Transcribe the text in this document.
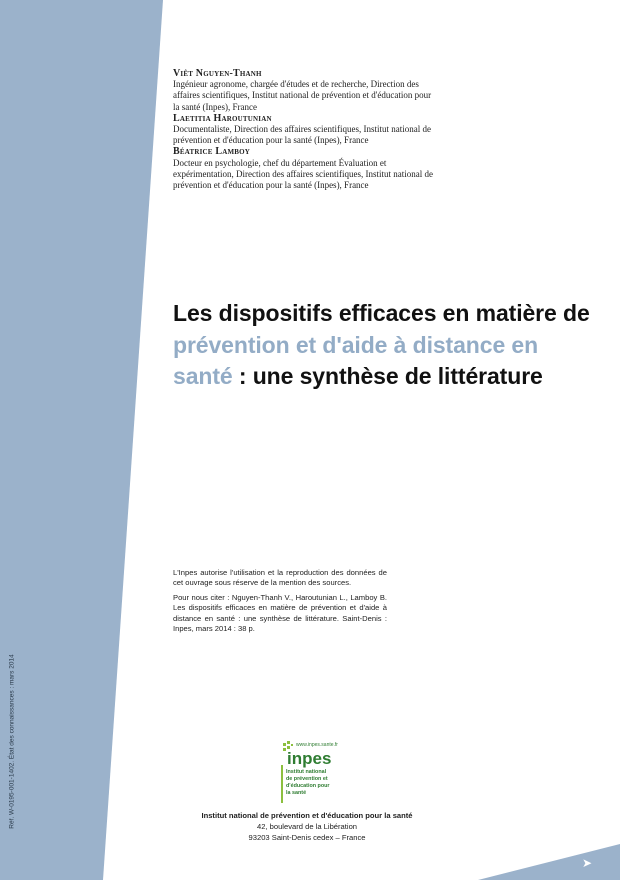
Réf. W-0195-001-1402. État des connaissances : mars 2014
Viêt Nguyen-Thanh
Ingénieur agronome, chargée d'études et de recherche, Direction des affaires scientifiques, Institut national de prévention et d'éducation pour la santé (Inpes), France
Laetitia Haroutunian
Documentaliste, Direction des affaires scientifiques, Institut national de prévention et d'éducation pour la santé (Inpes), France
Béatrice Lamboy
Docteur en psychologie, chef du département Évaluation et expérimentation, Direction des affaires scientifiques, Institut national de prévention et d'éducation pour la santé (Inpes), France
Les dispositifs efficaces en matière de prévention et d'aide à distance en santé : une synthèse de littérature

L'Inpes autorise l'utilisation et la reproduction des données de cet ouvrage sous réserve de la mention des sources.

Pour nous citer : Nguyen-Thanh V., Haroutunian L., Lamboy B. Les dispositifs efficaces en matière de prévention et d'aide à distance en santé : une synthèse de littérature. Saint-Denis : Inpes, mars 2014 : 38 p.

www.inpes.sante.fr
inpes
Institut national
de prévention et
d'éducation pour
la santé
Institut national de prévention et d'éducation pour la santé
42, boulevard de la Libération
93203 Saint-Denis cedex – France
➤
